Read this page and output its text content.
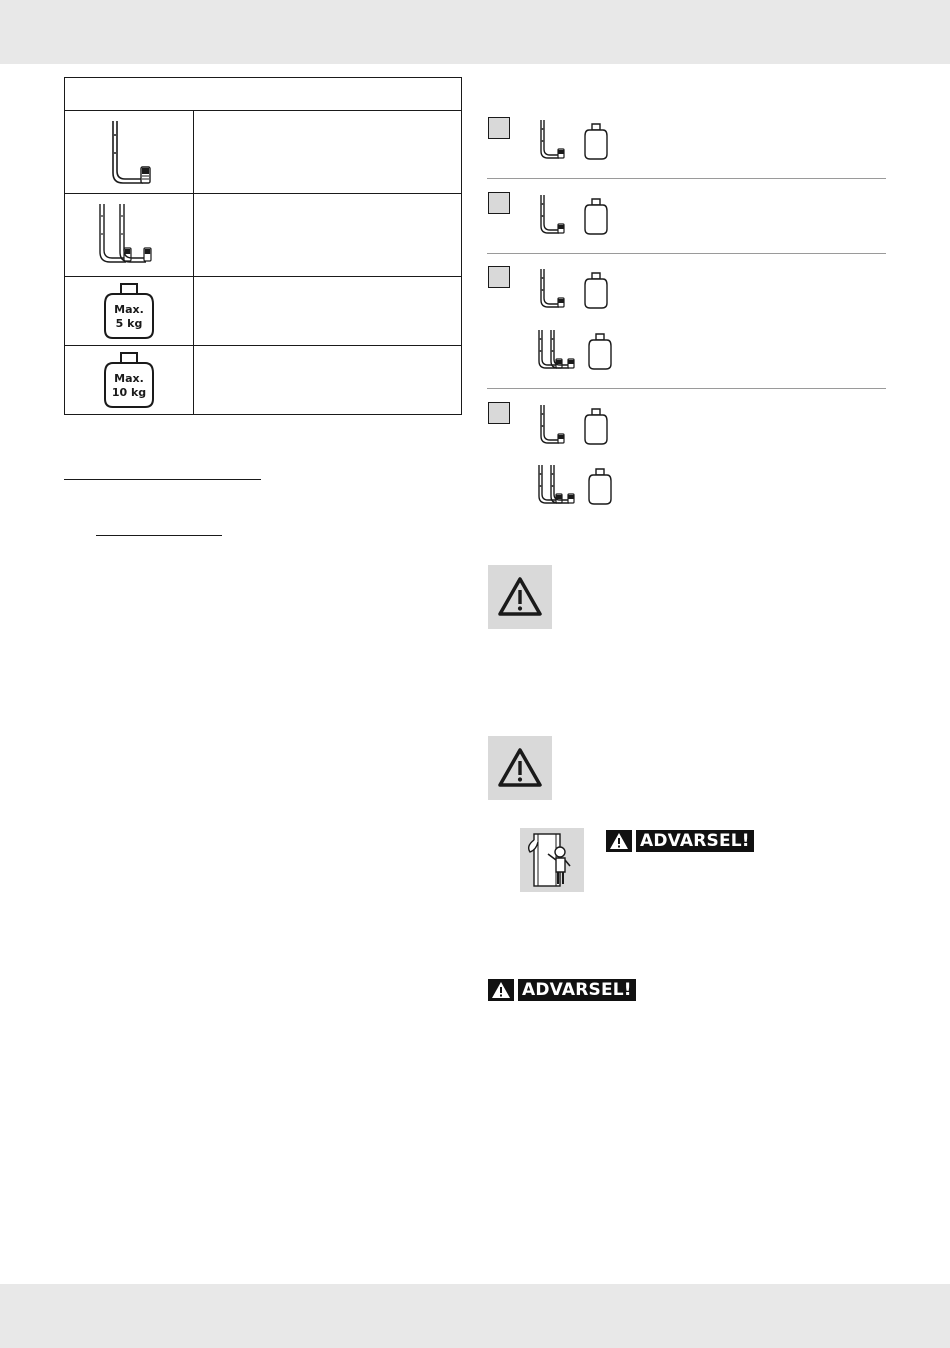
Max.
5 kg
Max.
10 kg
ADVARSEL!
ADVARSEL!
